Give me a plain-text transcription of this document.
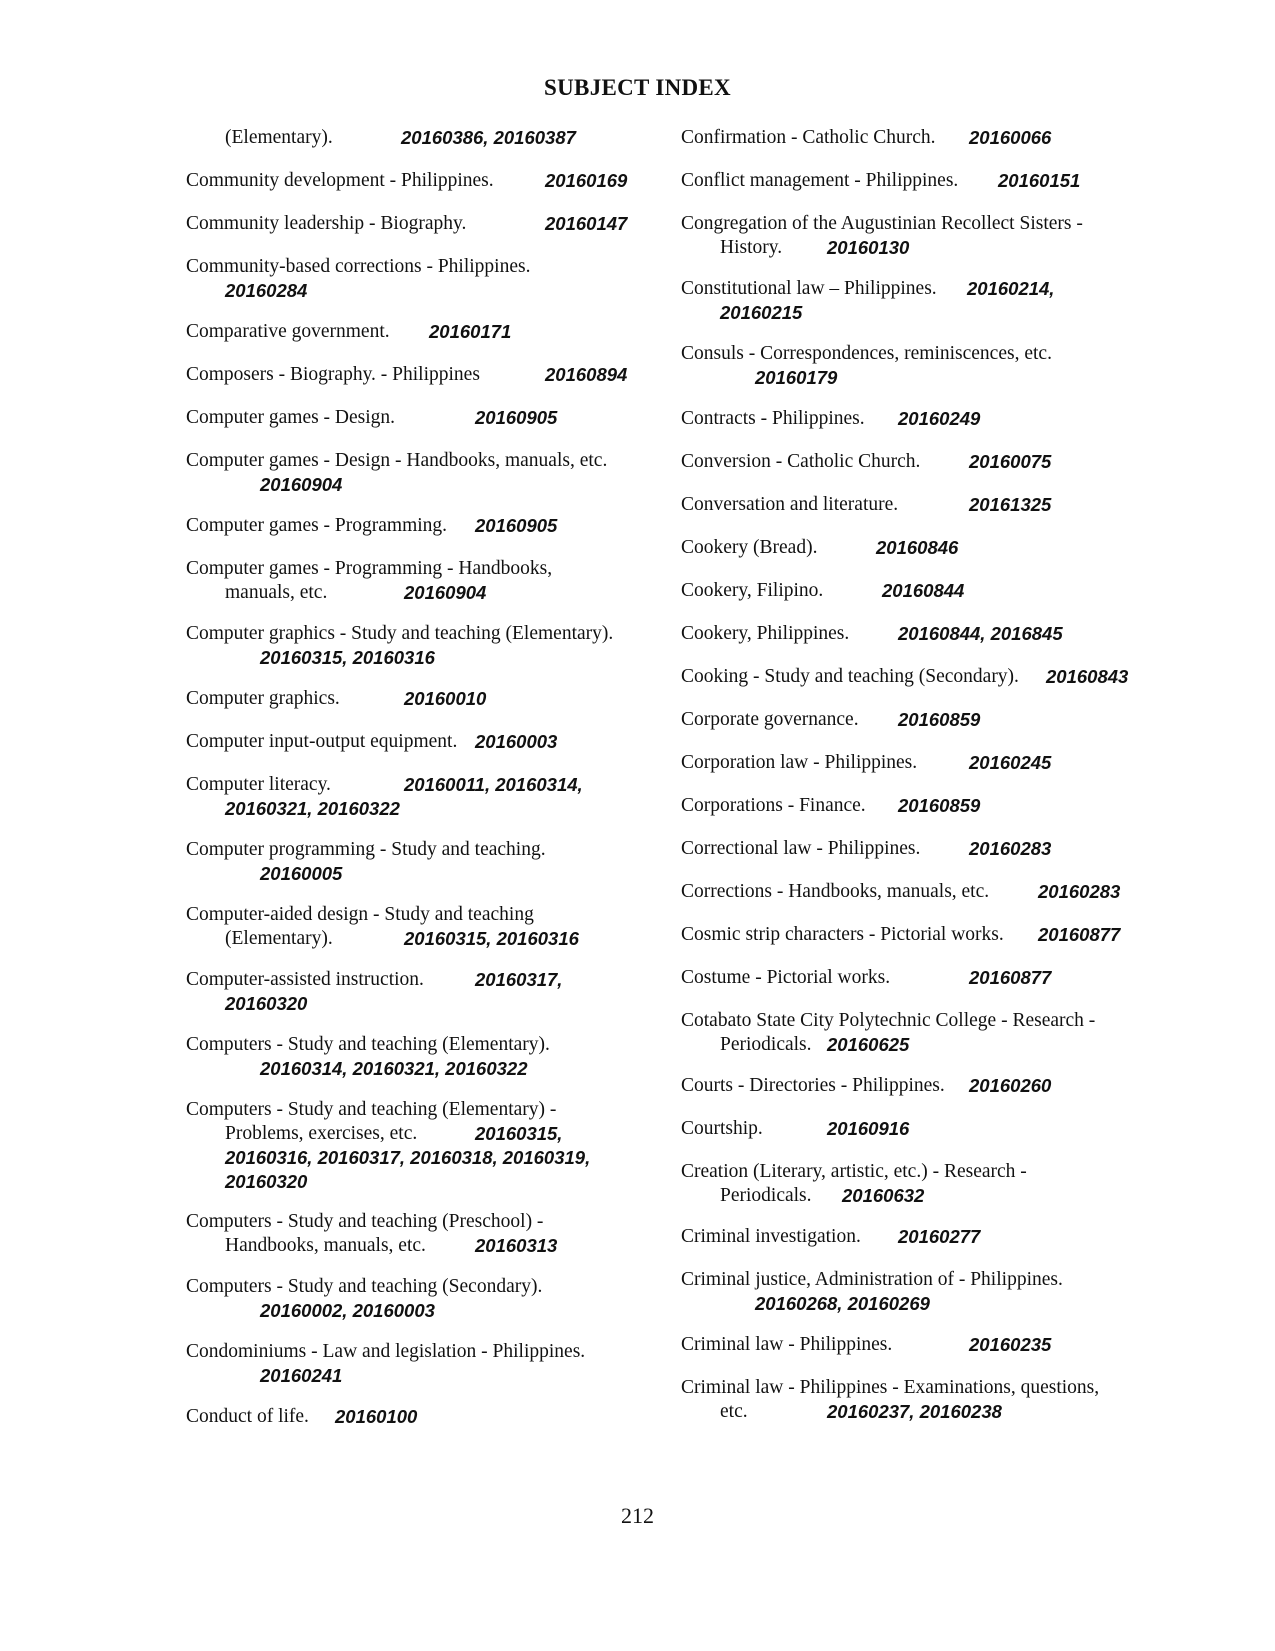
SUBJECT INDEX
(Elementary).	20160386, 20160387
Community development - Philippines.	20160169
Community leadership - Biography.	20160147
Community-based corrections - Philippines.
20160284
Comparative government. 20160171
Composers - Biography. - Philippines	20160894
Computer games - Design.	20160905
Computer games - Design - Handbooks, manuals, etc.
20160904
Computer games - Programming. 20160905
Computer games - Programming - Handbooks,
manuals, etc.	20160904
Computer graphics - Study and teaching (Elementary).
20160315, 20160316
Computer graphics.	20160010
Computer input-output equipment. 20160003
Computer literacy.	20160011, 20160314,
20160321, 20160322
Computer programming - Study and teaching.
20160005
Computer-aided design - Study and teaching
(Elementary).	20160315, 20160316
Computer-assisted instruction.	20160317,
20160320
Computers - Study and teaching (Elementary).
20160314, 20160321, 20160322
Computers - Study and teaching (Elementary) -
Problems, exercises, etc.	20160315,
20160316, 20160317, 20160318, 20160319,
20160320
Computers - Study and teaching (Preschool) -
Handbooks, manuals, etc.	20160313
Computers - Study and teaching (Secondary).
20160002, 20160003
Condominiums - Law and legislation - Philippines.
20160241
Conduct of life. 20160100
Confirmation - Catholic Church. 20160066
Conflict management - Philippines. 20160151
Congregation of the Augustinian Recollect Sisters -
History. 20160130
Constitutional law – Philippines. 20160214,
20160215
Consuls - Correspondences, reminiscences, etc.
20160179
Contracts - Philippines. 20160249
Conversion - Catholic Church.	20160075
Conversation and literature.	20161325
Cookery (Bread).	20160846
Cookery, Filipino.	20160844
Cookery, Philippines.	20160844, 2016845
Cooking - Study and teaching (Secondary). 20160843
Corporate governance. 20160859
Corporation law - Philippines.	20160245
Corporations - Finance. 20160859
Correctional law - Philippines.	20160283
Corrections - Handbooks, manuals, etc.	20160283
Cosmic strip characters - Pictorial works. 20160877
Costume - Pictorial works.	20160877
Cotabato State City Polytechnic College - Research -
Periodicals. 20160625
Courts - Directories - Philippines. 20160260
Courtship.	20160916
Creation (Literary, artistic, etc.) - Research -
Periodicals. 20160632
Criminal investigation. 20160277
Criminal justice, Administration of - Philippines.
20160268, 20160269
Criminal law - Philippines.	20160235
Criminal law - Philippines - Examinations, questions,
etc.	20160237, 20160238
212
